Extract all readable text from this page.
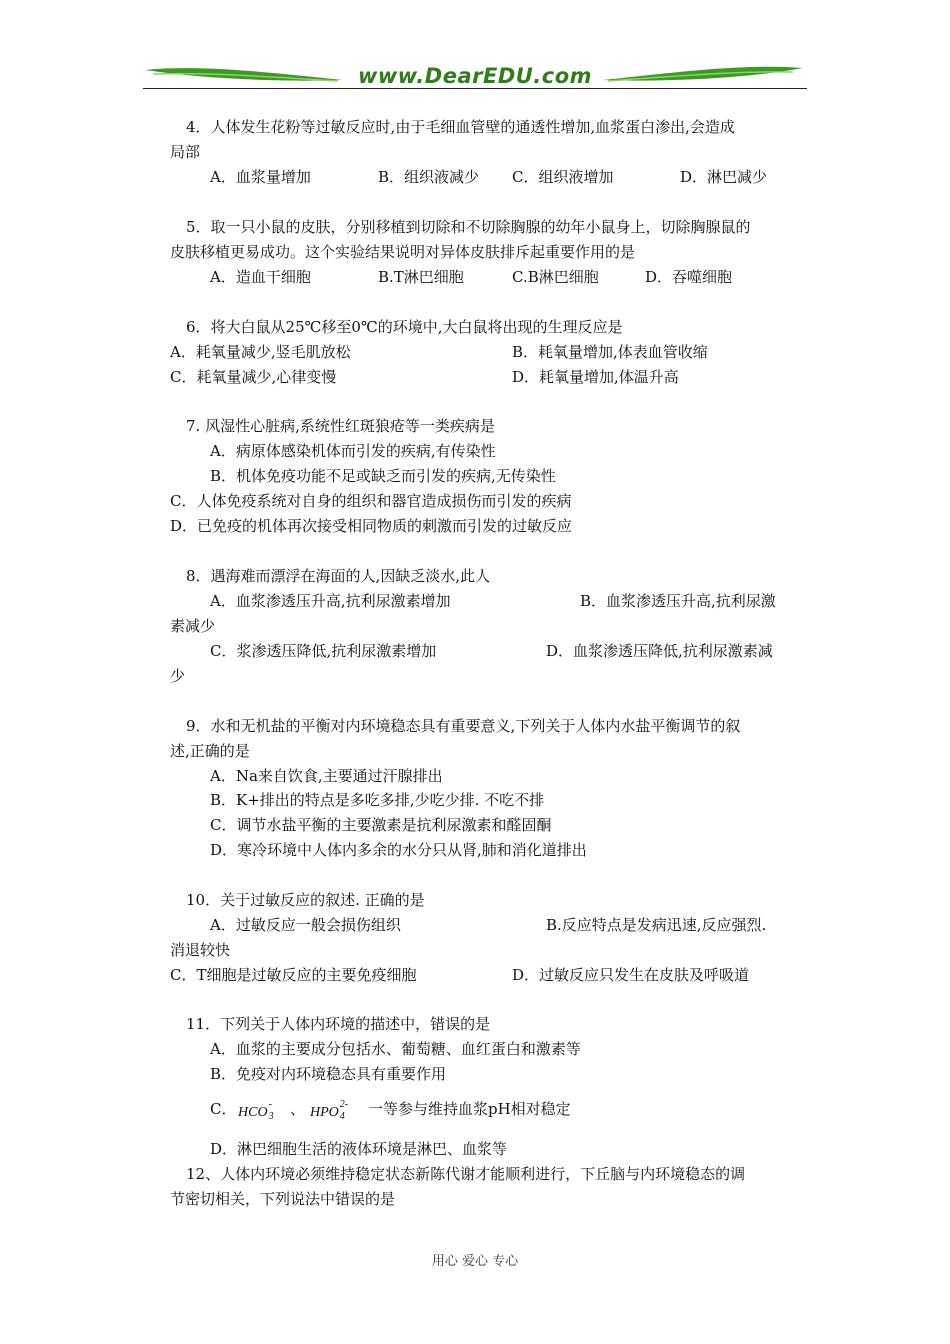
www.DearEDU.com
4．人体发生花粉等过敏反应时,由于毛细血管壁的通透性增加,血浆蛋白渗出,会造成
局部
A．血浆量增加	B．组织液减少 C．组织液增加	D．淋巴减少
5．取一只小鼠的皮肤，分别移植到切除和不切除胸腺的幼年小鼠身上，切除胸腺鼠的
皮肤移植更易成功。这个实验结果说明对异体皮肤排斥起重要作用的是
A．造血干细胞	B.T淋巴细胞	C.B淋巴细胞	D．吞噬细胞
6．将大白鼠从25℃移至0℃的环境中,大白鼠将出现的生理反应是
A．耗氧量减少,竖毛肌放松	B．耗氧量增加,体表血管收缩
C．耗氧量减少,心律变慢	D．耗氧量增加,体温升高
7. 风湿性心脏病,系统性红斑狼疮等一类疾病是
A．病原体感染机体而引发的疾病,有传染性
B．机体免疫功能不足或缺乏而引发的疾病,无传染性
C．人体免疫系统对自身的组织和器官造成损伤而引发的疾病
D．已免疫的机体再次接受相同物质的刺激而引发的过敏反应
8．遇海难而漂浮在海面的人,因缺乏淡水,此人
A．血浆渗透压升高,抗利尿激素增加	B．血浆渗透压升高,抗利尿激
素减少
C．浆渗透压降低,抗利尿激素增加	D．血浆渗透压降低,抗利尿激素减
少
9．水和无机盐的平衡对内环境稳态具有重要意义,下列关于人体内水盐平衡调节的叙
述,正确的是
A．Na来自饮食,主要通过汗腺排出
B．K+排出的特点是多吃多排,少吃少排. 不吃不排
C．调节水盐平衡的主要激素是抗利尿激素和醛固酮
D．寒冷环境中人体内多余的水分只从肾,肺和消化道排出
10．关于过敏反应的叙述. 正确的是
A．过敏反应一般会损伤组织	B.反应特点是发病迅速,反应强烈.
消退较快
C．T细胞是过敏反应的主要免疫细胞	D．过敏反应只发生在皮肤及呼吸道
11．下列关于人体内环境的描述中，错误的是
A．血浆的主要成分包括水、葡萄糖、血红蛋白和激素等
B．免疫对内环境稳态具有重要作用
C．	、	一等参与维持血浆pH相对稳定
D．淋巴细胞生活的液体环境是淋巴、血浆等
12、人体内环境必须维持稳定状态新陈代谢才能顺利进行，下丘脑与内环境稳态的调
节密切相关，下列说法中错误的是
HCO
-
3	HPO
2-
4
用心 爱心 专心
